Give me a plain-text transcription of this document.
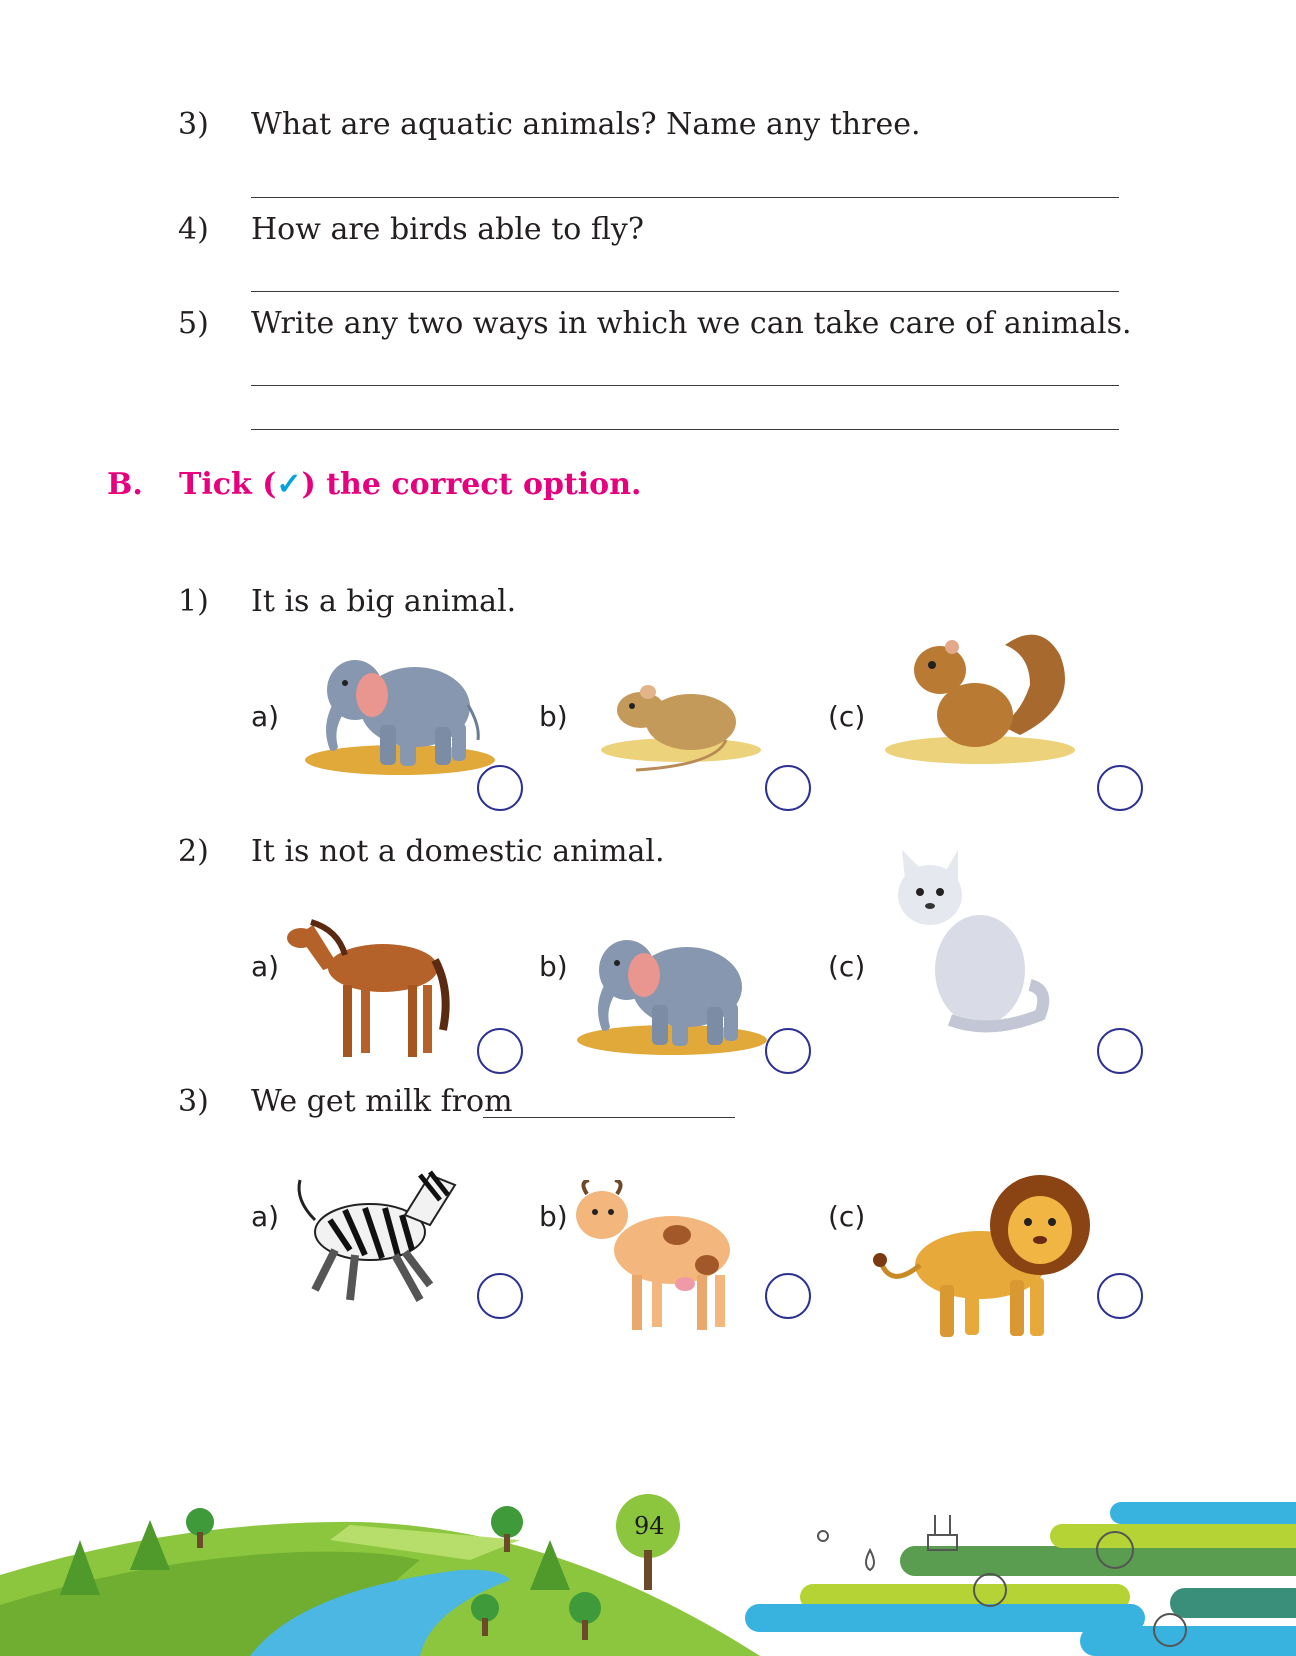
3) What are aquatic animals? Name any three.
4) How are birds able to fly?
5) Write any two ways in which we can take care of animals.
B. Tick (✓) the correct option.
1) It is a big animal.
a)	b)	(c)
2) It is not a domestic animal.
a)	b)	(c)
3) We get milk from
a)	b)	(c)
94
